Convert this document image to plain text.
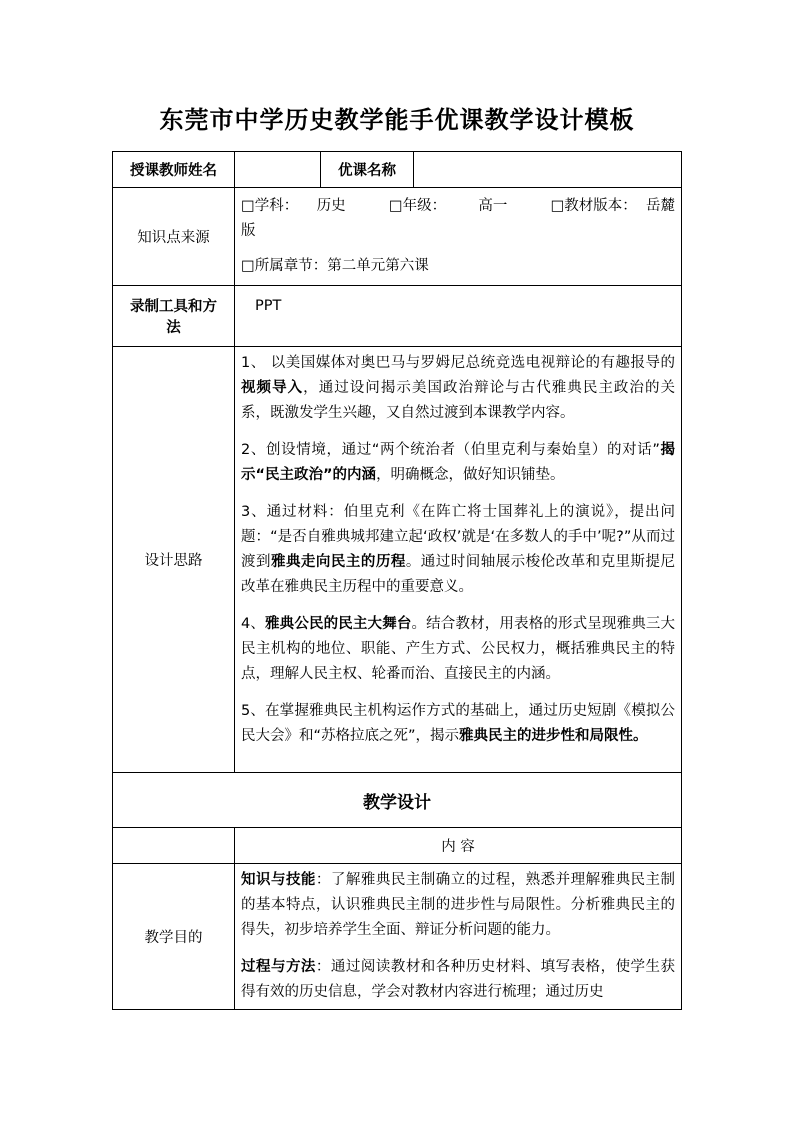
东莞市中学历史教学能手优课教学设计模板
授课教师姓名		优课名称	
知识点来源	□学科： 历史 □年级： 高一 □教材版本： 岳麓
版
□所属章节：第二单元第六课		

录制工具和方
法	PPT		
设计思路	1、 以美国媒体对奥巴马与罗姆尼总统竞选电视辩论的有趣报导的视频导入，通过设问揭示美国政治辩论与古代雅典民主政治的关系，既激发学生兴趣，又自然过渡到本课教学内容。

2、创设情境，通过“两个统治者（伯里克利与秦始皇）的对话”揭示“民主政治”的内涵，明确概念，做好知识铺垫。

3、通过材料：伯里克利《在阵亡将士国葬礼上的演说》，提出问题：“是否自雅典城邦建立起‘政权’就是‘在多数人的手中’呢?”从而过渡到雅典走向民主的历程。通过时间轴展示梭伦改革和克里斯提尼改革在雅典民主历程中的重要意义。

4、雅典公民的民主大舞台。结合教材，用表格的形式呈现雅典三大民主机构的地位、职能、产生方式、公民权力，概括雅典民主的特点，理解人民主权、轮番而治、直接民主的内涵。

5、在掌握雅典民主机构运作方式的基础上，通过历史短剧《模拟公民大会》和“苏格拉底之死”，揭示雅典民主的进步性和局限性。		

教学设计			
	内 容		
教学目的	知识与技能：了解雅典民主制确立的过程，熟悉并理解雅典民主制的基本特点，认识雅典民主制的进步性与局限性。分析雅典民主的得失，初步培养学生全面、辩证分析问题的能力。

过程与方法：通过阅读教材和各种历史材料、填写表格，使学生获得有效的历史信息，学会对教材内容进行梳理；通过历史		
